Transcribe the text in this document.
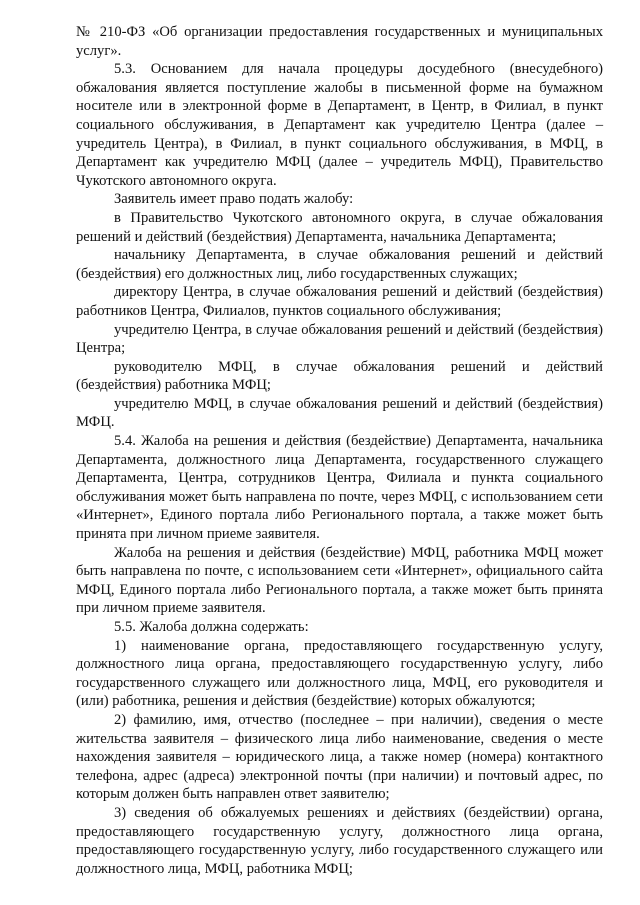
№ 210-ФЗ «Об организации предоставления государственных и муниципальных услуг».

5.3. Основанием для начала процедуры досудебного (внесудебного) обжалования является поступление жалобы в письменной форме на бумажном носителе или в электронной форме в Департамент, в Центр, в Филиал, в пункт социального обслуживания, в Департамент как учредителю Центра (далее – учредитель Центра), в Филиал, в пункт социального обслуживания, в МФЦ, в Департамент как учредителю МФЦ (далее – учредитель МФЦ), Правительство Чукотского автономного округа.

Заявитель имеет право подать жалобу:

в Правительство Чукотского автономного округа, в случае обжалования решений и действий (бездействия) Департамента, начальника Департамента;

начальнику Департамента, в случае обжалования решений и действий (бездействия) его должностных лиц, либо государственных служащих;

директору Центра, в случае обжалования решений и действий (бездействия) работников Центра, Филиалов, пунктов социального обслуживания;

учредителю Центра, в случае обжалования решений и действий (бездействия) Центра;

руководителю МФЦ, в случае обжалования решений и действий (бездействия) работника МФЦ;

учредителю МФЦ, в случае обжалования решений и действий (бездействия) МФЦ.

5.4. Жалоба на решения и действия (бездействие) Департамента, начальника Департамента, должностного лица Департамента, государственного служащего Департамента, Центра, сотрудников Центра, Филиала и пункта социального обслуживания может быть направлена по почте, через МФЦ, с использованием сети «Интернет», Единого портала либо Регионального портала, а также может быть принята при личном приеме заявителя.

Жалоба на решения и действия (бездействие) МФЦ, работника МФЦ может быть направлена по почте, с использованием сети «Интернет», официального сайта МФЦ, Единого портала либо Регионального портала, а также может быть принята при личном приеме заявителя.

5.5. Жалоба должна содержать:

1) наименование органа, предоставляющего государственную услугу, должностного лица органа, предоставляющего государственную услугу, либо государственного служащего или должностного лица, МФЦ, его руководителя и (или) работника, решения и действия (бездействие) которых обжалуются;

2) фамилию, имя, отчество (последнее – при наличии), сведения о месте жительства заявителя – физического лица либо наименование, сведения о месте нахождения заявителя – юридического лица, а также номер (номера) контактного телефона, адрес (адреса) электронной почты (при наличии) и почтовый адрес, по которым должен быть направлен ответ заявителю;

3) сведения об обжалуемых решениях и действиях (бездействии) органа, предоставляющего государственную услугу, должностного лица органа, предоставляющего государственную услугу, либо государственного служащего или должностного лица, МФЦ, работника МФЦ;
